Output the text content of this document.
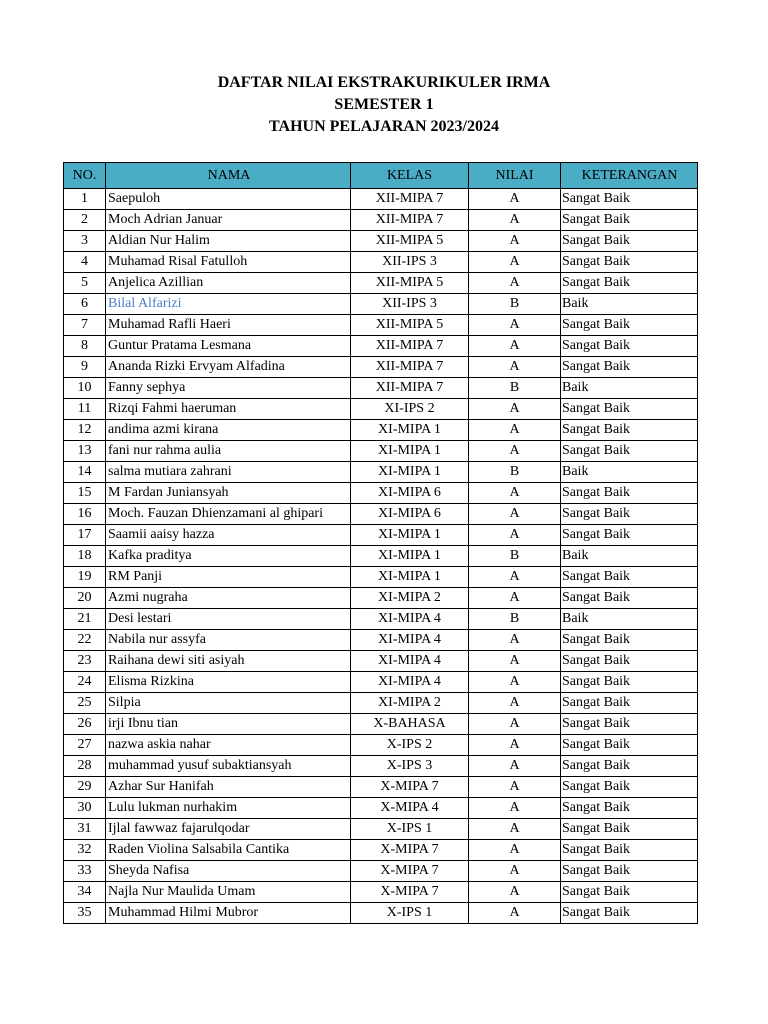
DAFTAR NILAI EKSTRAKURIKULER IRMA
SEMESTER 1
TAHUN PELAJARAN 2023/2024
NO.	NAMA	KELAS	NILAI	KETERANGAN
1	Saepuloh	XII-MIPA 7	A	Sangat Baik
2	Moch Adrian Januar	XII-MIPA 7	A	Sangat Baik
3	Aldian Nur Halim	XII-MIPA 5	A	Sangat Baik
4	Muhamad Risal Fatulloh	XII-IPS 3	A	Sangat Baik
5	Anjelica Azillian	XII-MIPA 5	A	Sangat Baik
6	Bilal Alfarizi	XII-IPS 3	B	Baik
7	Muhamad Rafli Haeri	XII-MIPA 5	A	Sangat Baik
8	Guntur Pratama Lesmana	XII-MIPA 7	A	Sangat Baik
9	Ananda Rizki Ervyam Alfadina	XII-MIPA 7	A	Sangat Baik
10	Fanny sephya	XII-MIPA 7	B	Baik
11	Rizqi Fahmi haeruman	XI-IPS 2	A	Sangat Baik
12	andima azmi kirana	XI-MIPA 1	A	Sangat Baik
13	fani nur rahma aulia	XI-MIPA 1	A	Sangat Baik
14	salma mutiara zahrani	XI-MIPA 1	B	Baik
15	M Fardan Juniansyah	XI-MIPA 6	A	Sangat Baik
16	Moch. Fauzan Dhienzamani al ghipari	XI-MIPA 6	A	Sangat Baik
17	Saamii aaisy hazza	XI-MIPA 1	A	Sangat Baik
18	Kafka praditya	XI-MIPA 1	B	Baik
19	RM Panji	XI-MIPA 1	A	Sangat Baik
20	Azmi nugraha	XI-MIPA 2	A	Sangat Baik
21	Desi lestari	XI-MIPA 4	B	Baik
22	Nabila nur assyfa	XI-MIPA 4	A	Sangat Baik
23	Raihana dewi siti asiyah	XI-MIPA 4	A	Sangat Baik
24	Elisma Rizkina	XI-MIPA 4	A	Sangat Baik
25	Silpia	XI-MIPA 2	A	Sangat Baik
26	irji Ibnu tian	X-BAHASA	A	Sangat Baik
27	nazwa askia nahar	X-IPS 2	A	Sangat Baik
28	muhammad yusuf subaktiansyah	X-IPS 3	A	Sangat Baik
29	Azhar Sur Hanifah	X-MIPA 7	A	Sangat Baik
30	Lulu lukman nurhakim	X-MIPA 4	A	Sangat Baik
31	Ijlal fawwaz fajarulqodar	X-IPS 1	A	Sangat Baik
32	Raden Violina Salsabila Cantika	X-MIPA 7	A	Sangat Baik
33	Sheyda Nafisa	X-MIPA 7	A	Sangat Baik
34	Najla Nur Maulida Umam	X-MIPA 7	A	Sangat Baik
35	Muhammad Hilmi Mubror	X-IPS 1	A	Sangat Baik
